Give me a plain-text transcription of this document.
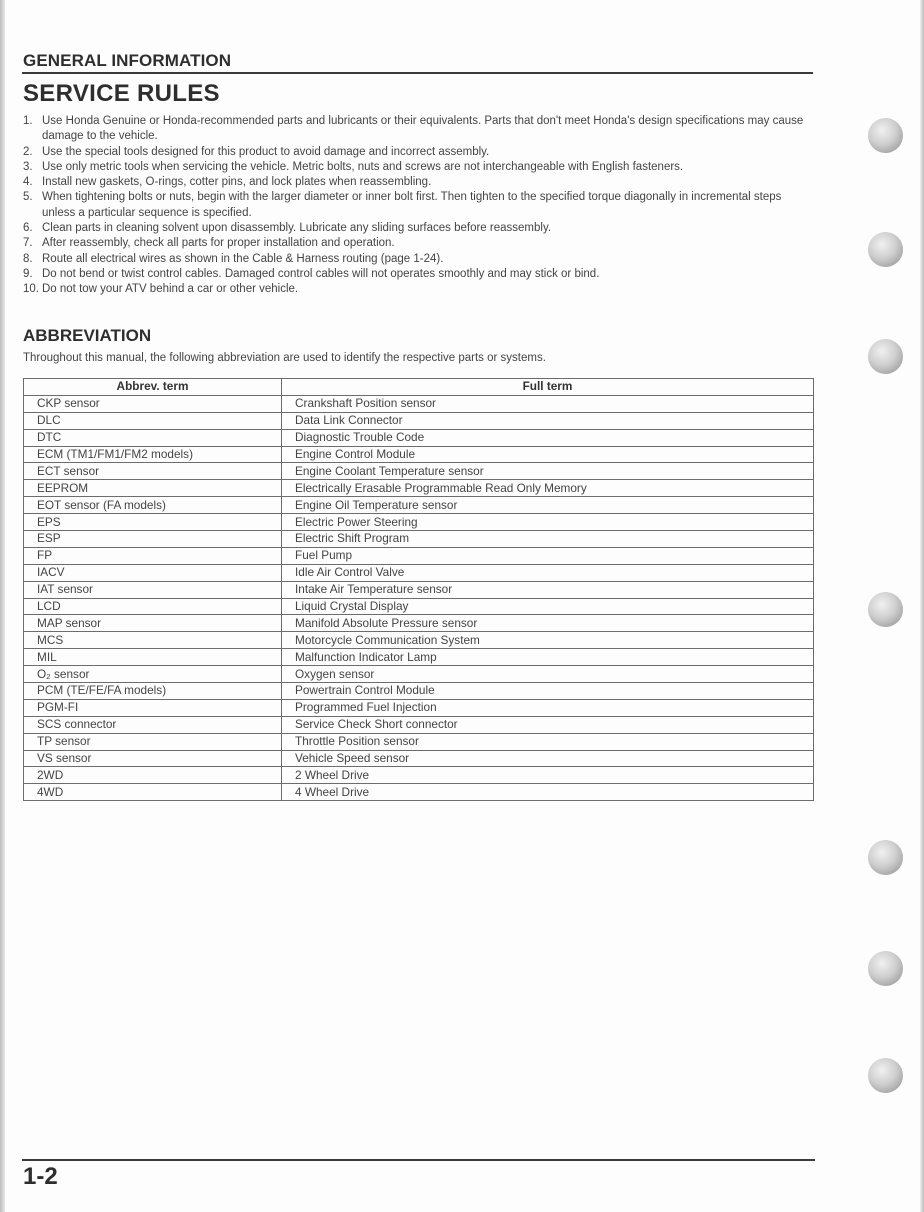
GENERAL INFORMATION
SERVICE RULES
1. Use Honda Genuine or Honda-recommended parts and lubricants or their equivalents. Parts that don't meet Honda's design specifications may cause damage to the vehicle.
2. Use the special tools designed for this product to avoid damage and incorrect assembly.
3. Use only metric tools when servicing the vehicle. Metric bolts, nuts and screws are not interchangeable with English fasteners.
4. Install new gaskets, O-rings, cotter pins, and lock plates when reassembling.
5. When tightening bolts or nuts, begin with the larger diameter or inner bolt first. Then tighten to the specified torque diagonally in incremental steps unless a particular sequence is specified.
6. Clean parts in cleaning solvent upon disassembly. Lubricate any sliding surfaces before reassembly.
7. After reassembly, check all parts for proper installation and operation.
8. Route all electrical wires as shown in the Cable & Harness routing (page 1-24).
9. Do not bend or twist control cables. Damaged control cables will not operates smoothly and may stick or bind.
10. Do not tow your ATV behind a car or other vehicle.
ABBREVIATION
Throughout this manual, the following abbreviation are used to identify the respective parts or systems.
Abbrev. term	Full term
CKP sensor	Crankshaft Position sensor
DLC	Data Link Connector
DTC	Diagnostic Trouble Code
ECM (TM1/FM1/FM2 models)	Engine Control Module
ECT sensor	Engine Coolant Temperature sensor
EEPROM	Electrically Erasable Programmable Read Only Memory
EOT sensor (FA models)	Engine Oil Temperature sensor
EPS	Electric Power Steering
ESP	Electric Shift Program
FP	Fuel Pump
IACV	Idle Air Control Valve
IAT sensor	Intake Air Temperature sensor
LCD	Liquid Crystal Display
MAP sensor	Manifold Absolute Pressure sensor
MCS	Motorcycle Communication System
MIL	Malfunction Indicator Lamp
O₂ sensor	Oxygen sensor
PCM (TE/FE/FA models)	Powertrain Control Module
PGM-FI	Programmed Fuel Injection
SCS connector	Service Check Short connector
TP sensor	Throttle Position sensor
VS sensor	Vehicle Speed sensor
2WD	2 Wheel Drive
4WD	4 Wheel Drive
1-2
